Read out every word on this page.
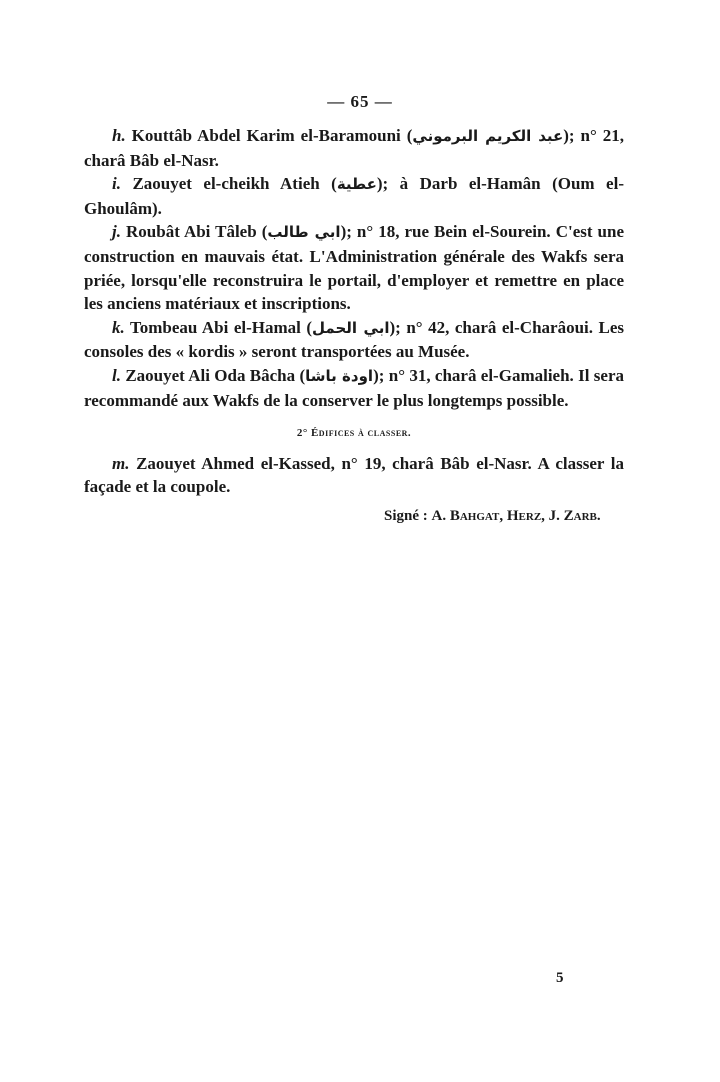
— 65 —

h. Kouttâb Abdel Karim el-Baramouni (عبد الكريم البرموني); n° 21, charâ Bâb el-Nasr.

i. Zaouyet el-cheikh Atieh (عطية); à Darb el-Hamân (Oum el-Ghoulâm).

j. Roubât Abi Tâleb (ابي طالب); n° 18, rue Bein el-Sourein. C'est une construction en mauvais état. L'Administration générale des Wakfs sera priée, lorsqu'elle reconstruira le portail, d'employer et remettre en place les anciens matériaux et inscriptions.

k. Tombeau Abi el-Hamal (ابي الحمل); n° 42, charâ el-Charâoui. Les consoles des « kordis » seront transportées au Musée.

l. Zaouyet Ali Oda Bâcha (اودة باشا); n° 31, charâ el-Gamalieh. Il sera recommandé aux Wakfs de la conserver le plus longtemps possible.

2° Édifices à classer.

m. Zaouyet Ahmed el-Kassed, n° 19, charâ Bâb el-Nasr. A classer la façade et la coupole.

Signé : A. Bahgat, Herz, J. Zarb.
5
